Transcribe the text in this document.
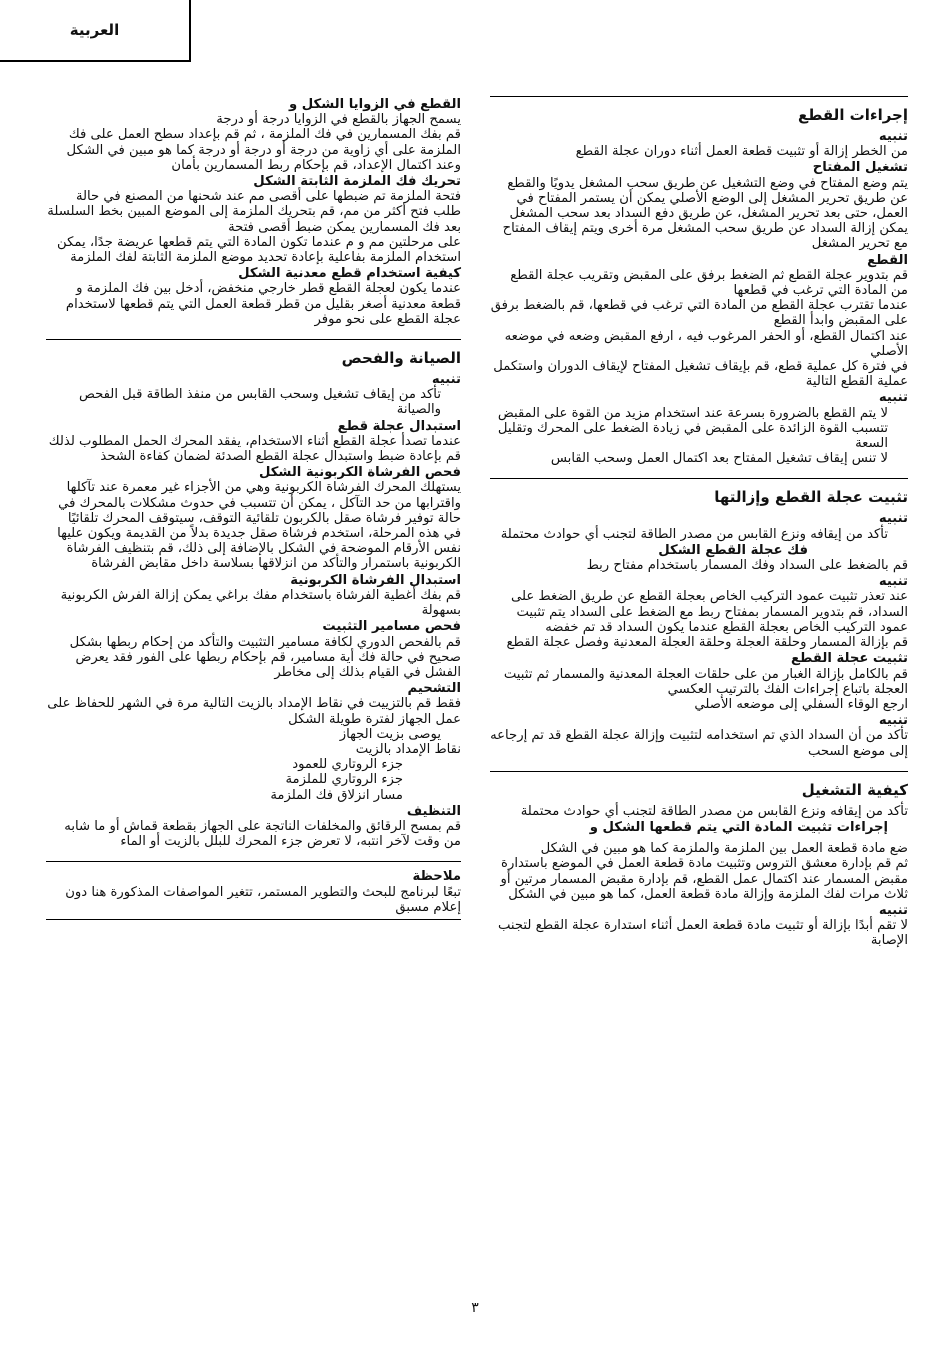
العربية
إجراءات القطع
تنبيه

من الخطر إزالة أو تثبيت قطعة العمل أثناء دوران عجلة القطع

تشغيل المفتاح

يتم وضع المفتاح في وضع التشغيل عن طريق سحب المشغل يدويًا والقطع عن طريق تحرير المشغل إلى الوضع الأصلي يمكن أن يستمر المفتاح في العمل، حتى بعد تحرير المشغل، عن طريق دفع السداد بعد سحب المشغل يمكن إزالة السداد عن طريق سحب المشغل مرة أخرى ويتم إيقاف المفتاح مع تحرير المشغل

القطع

قم بتدوير عجلة القطع ثم الضغط برفق على المقبض وتقريب عجلة القطع من المادة التي ترغب في قطعها

عندما تقترب عجلة القطع من المادة التي ترغب في قطعها، قم بالضغط برفق على المقبض وابدأ القطع

عند اكتمال القطع، أو الحفر المرغوب فيه ، ارفع المقبض وضعه في موضعه الأصلي

في فترة كل عملية قطع، قم بإيقاف تشغيل المفتاح لإيقاف الدوران واستكمل عملية القطع التالية

تنبيه

لا يتم القطع بالضرورة بسرعة عند استخدام مزيد من القوة على المقبض

تتسبب القوة الزائدة على المقبض في زيادة الضغط على المحرك وتقليل السعة

لا تنس إيقاف تشغيل المفتاح بعد اكتمال العمل وسحب القابس

تثبيت عجلة القطع وإزالتها
تنبيه

تأكد من إيقافه ونزع القابس من مصدر الطاقة لتجنب أي حوادث محتملة

فك عجلة القطع الشكل

قم بالضغط على السداد وفك المسمار باستخدام مفتاح ربط

تنبيه

عند تعذر تثبيت عمود التركيب الخاص بعجلة القطع عن طريق الضغط على السداد، قم بتدوير المسمار بمفتاح ربط مع الضغط على السداد يتم تثبيت عمود التركيب الخاص بعجلة القطع عندما يكون السداد قد تم خفضه

قم بإزالة المسمار وحلقة العجلة وحلقة العجلة المعدنية وفصل عجلة القطع

تثبيت عجلة القطع

قم بالكامل بإزالة الغبار من على حلقات العجلة المعدنية والمسمار ثم تثبيت العجلة باتباع إجراءات الفك بالترتيب العكسي

ارجع الوقاء السفلي إلى موضعه الأصلي

تنبيه

تأكد من أن السداد الذي تم استخدامه لتثبيت وإزالة عجلة القطع قد تم إرجاعه إلى موضع السحب

كيفية التشغيل

تأكد من إيقافه ونزع القابس من مصدر الطاقة لتجنب أي حوادث محتملة

إجراءات تثبيت المادة التي يتم قطعها الشكل و

ضع مادة قطعة العمل بين الملزمة والملزمة كما هو مبين في الشكل

ثم قم بإدارة معشق التروس وتثبيت مادة قطعة العمل في الموضع باستدارة مقبض المسمار عند اكتمال عمل القطع، قم بإدارة مقبض المسمار مرتين أو ثلاث مرات لفك الملزمة وإزالة مادة قطعة العمل، كما هو مبين في الشكل

تنبيه

لا تقم أبدًا بإزالة أو تثبيت مادة قطعة العمل أثناء استدارة عجلة القطع لتجنب الإصابة

القطع في الزوايا الشكل و

يسمح الجهاز بالقطع في الزوايا درجة أو درجة

قم بفك المسمارين في فك الملزمة ، ثم قم بإعداد سطح العمل على فك الملزمة على أي زاوية من درجة أو درجة أو درجة كما هو مبين في الشكل وعند اكتمال الإعداد، قم بإحكام ربط المسمارين بأمان

تحريك فك الملزمة الثابتة الشكل

فتحة الملزمة تم ضبطها على أقصى مم عند شحنها من المصنع في حالة طلب فتح أكثر من مم، قم بتحريك الملزمة إلى الموضع المبين بخط السلسلة بعد فك المسمارين يمكن ضبط أقصى فتحة

على مرحلتين مم و م عندما تكون المادة التي يتم قطعها عريضة جدًا، يمكن استخدام الملزمة بفاعلية بإعادة تحديد موضع الملزمة الثابتة لفك الملزمة

كيفية استخدام قطع معدنية الشكل

عندما يكون لعجلة القطع قطر خارجي منخفض، أدخل بين فك الملزمة و قطعة معدنية أصغر بقليل من قطر قطعة العمل التي يتم قطعها لاستخدام عجلة القطع على نحو موفر

الصيانة والفحص
تنبيه

تأكد من إيقاف تشغيل وسحب القابس من منفذ الطاقة قبل الفحص والصيانة

استبدال عجلة قطع

عندما تصدأ عجلة القطع أثناء الاستخدام، يفقد المحرك الحمل المطلوب لذلك قم بإعادة ضبط واستبدال عجلة القطع الصدئة لضمان كفاءة الشحذ

فحص الفرشاة الكربونية الشكل

يستهلك المحرك الفرشاة الكربونية وهي من الأجزاء غير معمرة عند تآكلها واقترابها من حد التآكل ، يمكن أن تتسبب في حدوث مشكلات بالمحرك في حالة توفير فرشاة صقل بالكربون تلقائية التوقف، سيتوقف المحرك تلقائيًا

في هذه المرحلة، استخدم فرشاة صقل جديدة بدلاً من القديمة ويكون عليها نفس الأرقام الموضحة في الشكل بالإضافة إلى ذلك، قم بتنظيف الفرشاة الكربونية باستمرار والتأكد من انزلاقها بسلاسة داخل مقابض الفرشاة

استبدال الفرشاة الكربونية

قم بفك أغطية الفرشاة باستخدام مفك براغي يمكن إزالة الفرش الكربونية بسهولة

فحص مسامير التثبيت

قم بالفحص الدوري لكافة مسامير التثبيت والتأكد من إحكام ربطها بشكل صحيح في حالة فك أية مسامير، قم بإحكام ربطها على الفور فقد يعرض الفشل في القيام بذلك إلى مخاطر

التشحيم

فقط قم بالتزييت في نقاط الإمداد بالزيت التالية مرة في الشهر للحفاظ على عمل الجهاز لفترة طويلة الشكل

يوصى بزيت الجهاز

نقاط الإمداد بالزيت

جزء الروتاري للعمود

جزء الروتاري للملزمة

مسار انزلاق فك الملزمة

التنظيف

قم بمسح الرقائق والمخلفات الناتجة على الجهاز بقطعة قماش أو ما شابه من وقت لآخر انتبه، لا تعرض جزء المحرك للبلل بالزيت أو الماء

ملاحظة

تبعًا لبرنامج للبحث والتطوير المستمر، تتغير المواصفات المذكورة هنا دون إعلام مسبق

٣
